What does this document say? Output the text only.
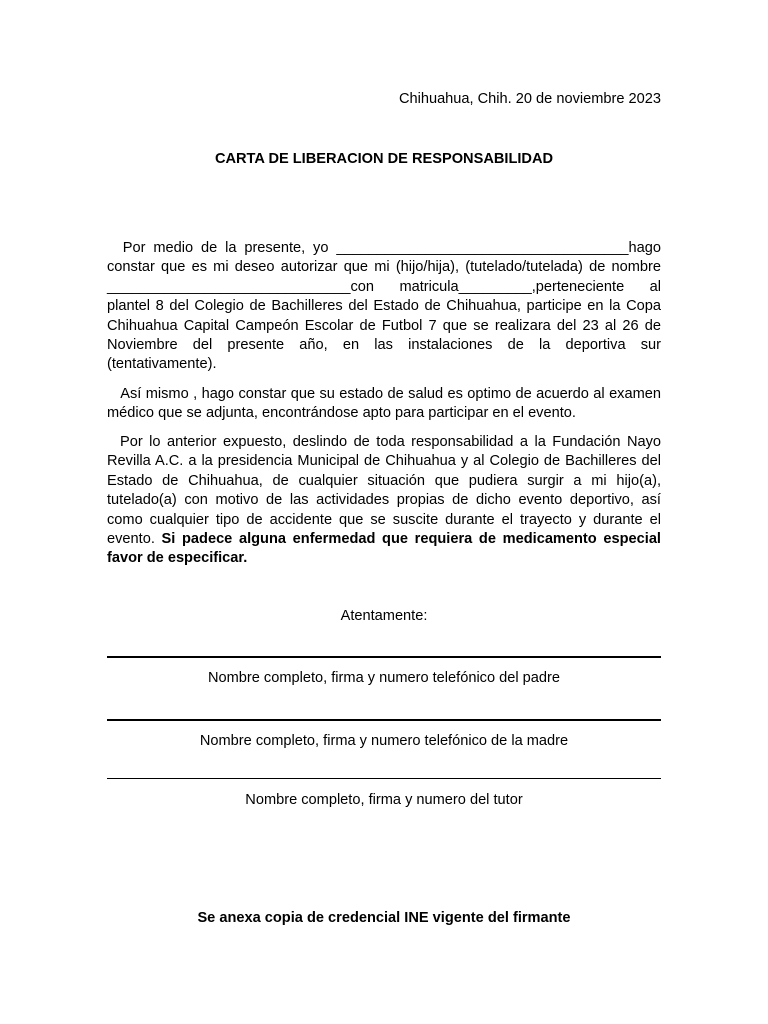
Chihuahua, Chih. 20 de noviembre 2023
CARTA DE LIBERACION DE RESPONSABILIDAD
Por medio de la presente, yo ____________________________________hago
constar que es mi deseo autorizar que mi (hijo/hija), (tutelado/tutelada) de nombre
______________________________con matricula_________,perteneciente al
plantel 8 del Colegio de Bachilleres del Estado de Chihuahua, participe en la Copa Chihuahua Capital Campeón Escolar de Futbol 7 que se realizara del 23 al 26 de Noviembre del presente año, en las instalaciones de la deportiva sur (tentativamente).

Así mismo , hago constar que su estado de salud es optimo de acuerdo al examen médico que se adjunta, encontrándose apto para participar en el evento.

Por lo anterior expuesto, deslindo de toda responsabilidad a la Fundación Nayo Revilla A.C. a la presidencia Municipal de Chihuahua y al Colegio de Bachilleres del Estado de Chihuahua, de cualquier situación que pudiera surgir a mi hijo(a), tutelado(a) con motivo de las actividades propias de dicho evento deportivo, así como cualquier tipo de accidente que se suscite durante el trayecto y durante el evento. Si padece alguna enfermedad que requiera de medicamento especial favor de especificar.

Atentamente:
Nombre completo, firma y numero telefónico del padre
Nombre completo, firma y numero telefónico de la madre
Nombre completo, firma y numero del tutor
Se anexa copia de credencial INE vigente del firmante
